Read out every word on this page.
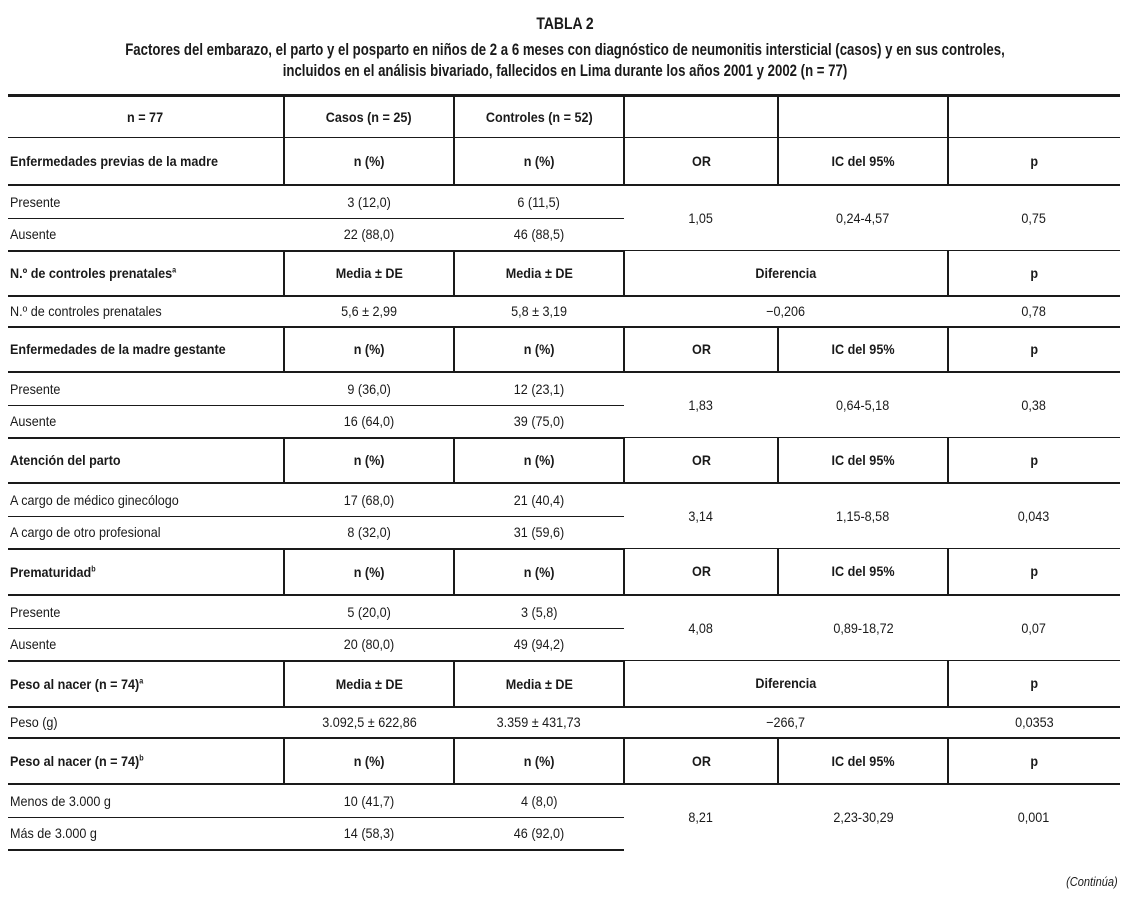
TABLA 2
Factores del embarazo, el parto y el posparto en niños de 2 a 6 meses con diagnóstico de neumonitis intersticial (casos) y en sus controles,
incluidos en el análisis bivariado, fallecidos en Lima durante los años 2001 y 2002 (n = 77)
n = 77	Casos (n = 25)	Controles (n = 52)			
Enfermedades previas de la madre	n (%)	n (%)	OR	IC del 95%	p
Presente	3 (12,0)	6 (11,5)	1,05	0,24-4,57	0,75
Ausente	22 (88,0)	46 (88,5)			
N.º de controles prenatales$^a$	Media ± DE	Media ± DE	Diferencia		p
N.º de controles prenatales	5,6 ± 2,99	5,8 ± 3,19	−0,206		0,78
Enfermedades de la madre gestante	n (%)	n (%)	OR	IC del 95%	p
Presente	9 (36,0)	12 (23,1)	1,83	0,64-5,18	0,38
Ausente	16 (64,0)	39 (75,0)			
Atención del parto	n (%)	n (%)	OR	IC del 95%	p
A cargo de médico ginecólogo	17 (68,0)	21 (40,4)	3,14	1,15-8,58	0,043
A cargo de otro profesional	8 (32,0)	31 (59,6)			
Prematuridad$^b$	n (%)	n (%)	OR	IC del 95%	p
Presente	5 (20,0)	3 (5,8)	4,08	0,89-18,72	0,07
Ausente	20 (80,0)	49 (94,2)			
Peso al nacer (n = 74)$^a$	Media ± DE	Media ± DE	Diferencia		p
Peso (g)	3.092,5 ± 622,86	3.359 ± 431,73	−266,7		0,0353
Peso al nacer (n = 74)$^b$	n (%)	n (%)	OR	IC del 95%	p
Menos de 3.000 g	10 (41,7)	4 (8,0)	8,21	2,23-30,29	0,001
Más de 3.000 g	14 (58,3)	46 (92,0)			
(Continúa)
